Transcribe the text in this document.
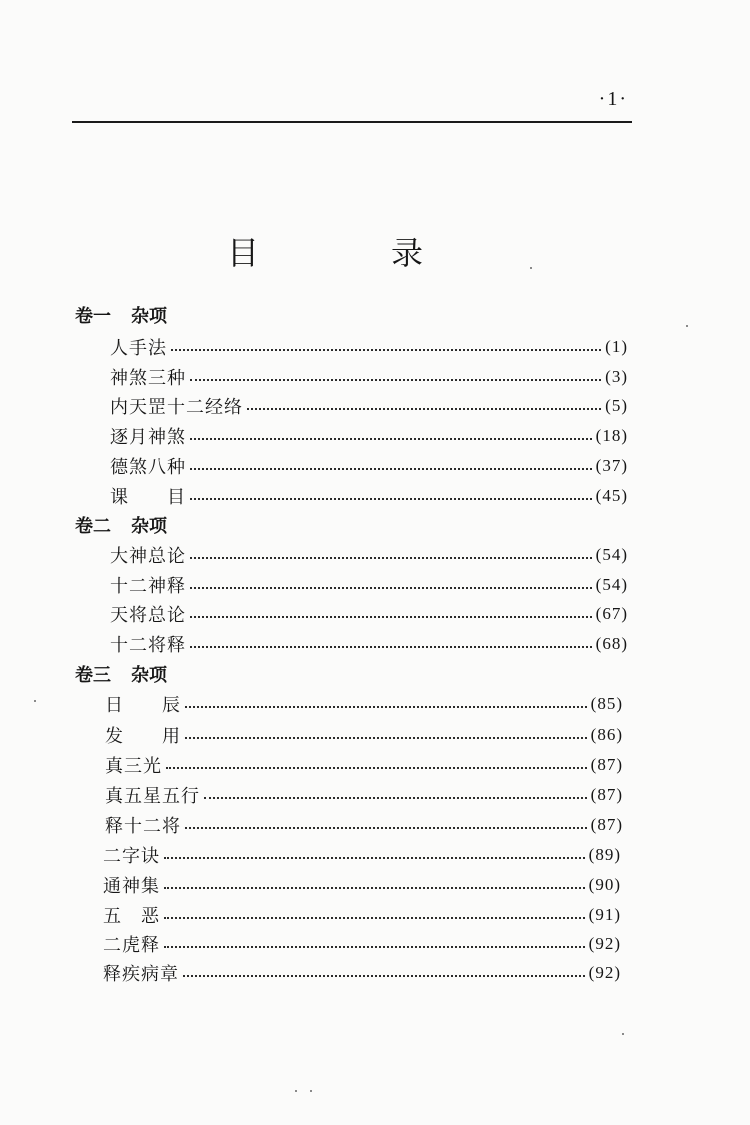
·1·
目　录
卷一 杂项
人手法	(1)
神煞三种	(3)
内天罡十二经络	(5)
逐月神煞	(18)
德煞八种	(37)
课　　目	(45)
卷二 杂项
大神总论	(54)
十二神释	(54)
天将总论	(67)
十二将释	(68)
卷三 杂项
日　　辰	(85)
发　　用	(86)
真三光	(87)
真五星五行	(87)
释十二将	(87)
二字诀	(89)
通神集	(90)
五　恶	(91)
二虎释	(92)
释疾病章	(92)
